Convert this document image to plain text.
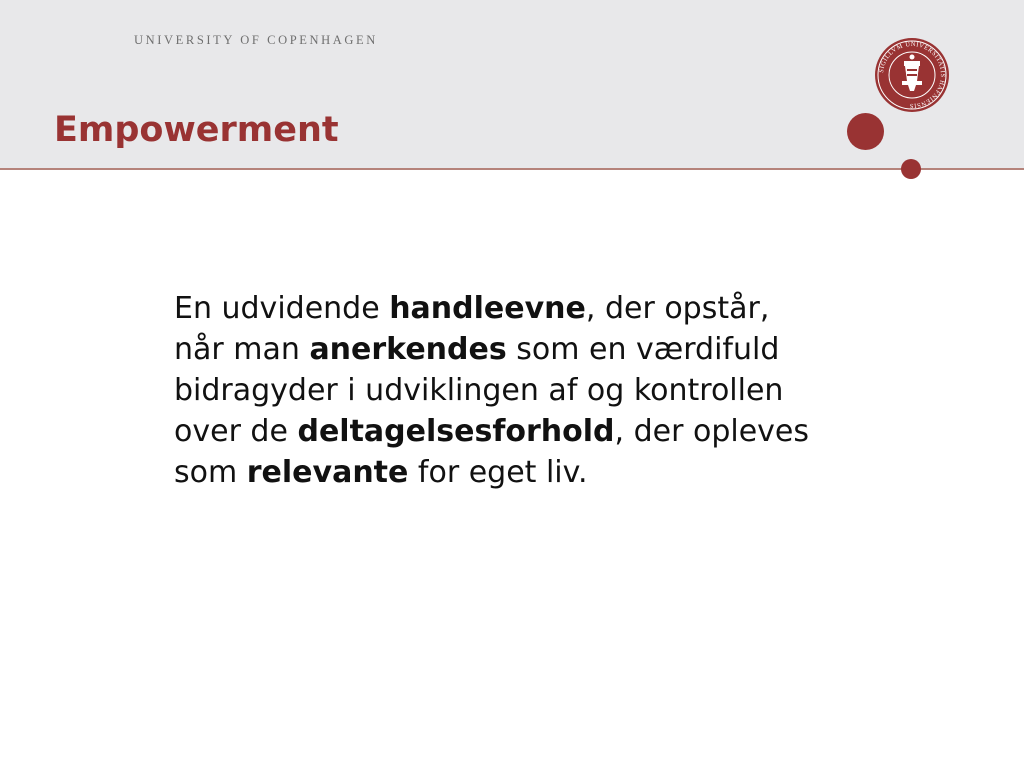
UNIVERSITY OF COPENHAGEN
SIGILLVM UNIVERSITATIS HAFNIENSIS
Empowerment
En udvidende handleevne, der opstår,
når man anerkendes som en værdifuld
bidragyder i udviklingen af og kontrollen
over de deltagelsesforhold, der opleves
som relevante for eget liv.
